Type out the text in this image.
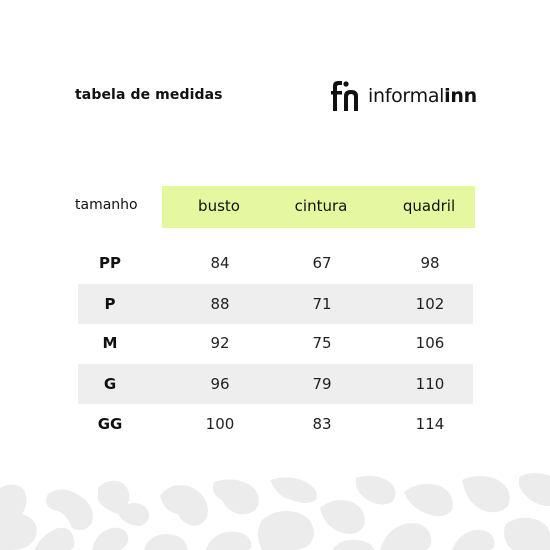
tabela de medidas	informalinn
tamanho	busto	cintura	quadril
PP	84	67	98
P	88	71	102
M	92	75	106
G	96	79	110
GG	100	83	114
